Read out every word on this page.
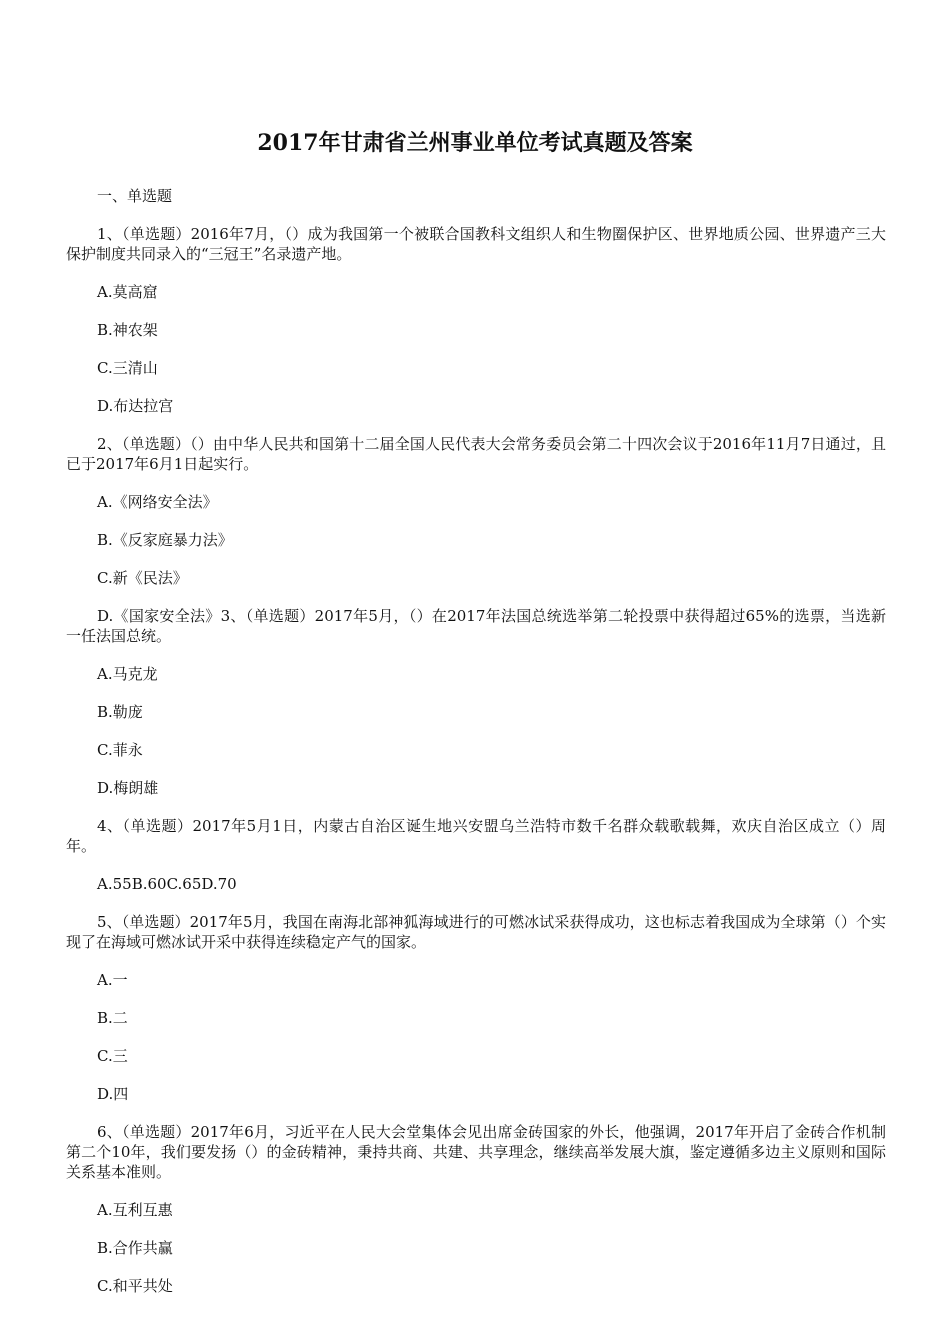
2017年甘肃省兰州事业单位考试真题及答案
一、单选题
1、（单选题）2016年7月，（）成为我国第一个被联合国教科文组织人和生物圈保护区、世界地质公园、世界遗产三大保护制度共同录入的“三冠王”名录遗产地。
A.莫高窟
B.神农架
C.三清山
D.布达拉宫
2、（单选题）（）由中华人民共和国第十二届全国人民代表大会常务委员会第二十四次会议于2016年11月7日通过，且已于2017年6月1日起实行。
A.《网络安全法》
B.《反家庭暴力法》
C.新《民法》
D.《国家安全法》3、（单选题）2017年5月，（）在2017年法国总统选举第二轮投票中获得超过65%的选票，当选新一任法国总统。
A.马克龙
B.勒庞
C.菲永
D.梅朗雄
4、（单选题）2017年5月1日，内蒙古自治区诞生地兴安盟乌兰浩特市数千名群众载歌载舞，欢庆自治区成立（）周年。
A.55B.60C.65D.70
5、（单选题）2017年5月，我国在南海北部神狐海域进行的可燃冰试采获得成功，这也标志着我国成为全球第（）个实现了在海域可燃冰试开采中获得连续稳定产气的国家。
A.一
B.二
C.三
D.四
6、（单选题）2017年6月，习近平在人民大会堂集体会见出席金砖国家的外长，他强调，2017年开启了金砖合作机制第二个10年，我们要发扬（）的金砖精神，秉持共商、共建、共享理念，继续高举发展大旗，鉴定遵循多边主义原则和国际关系基本准则。
A.互利互惠
B.合作共赢
C.和平共处
